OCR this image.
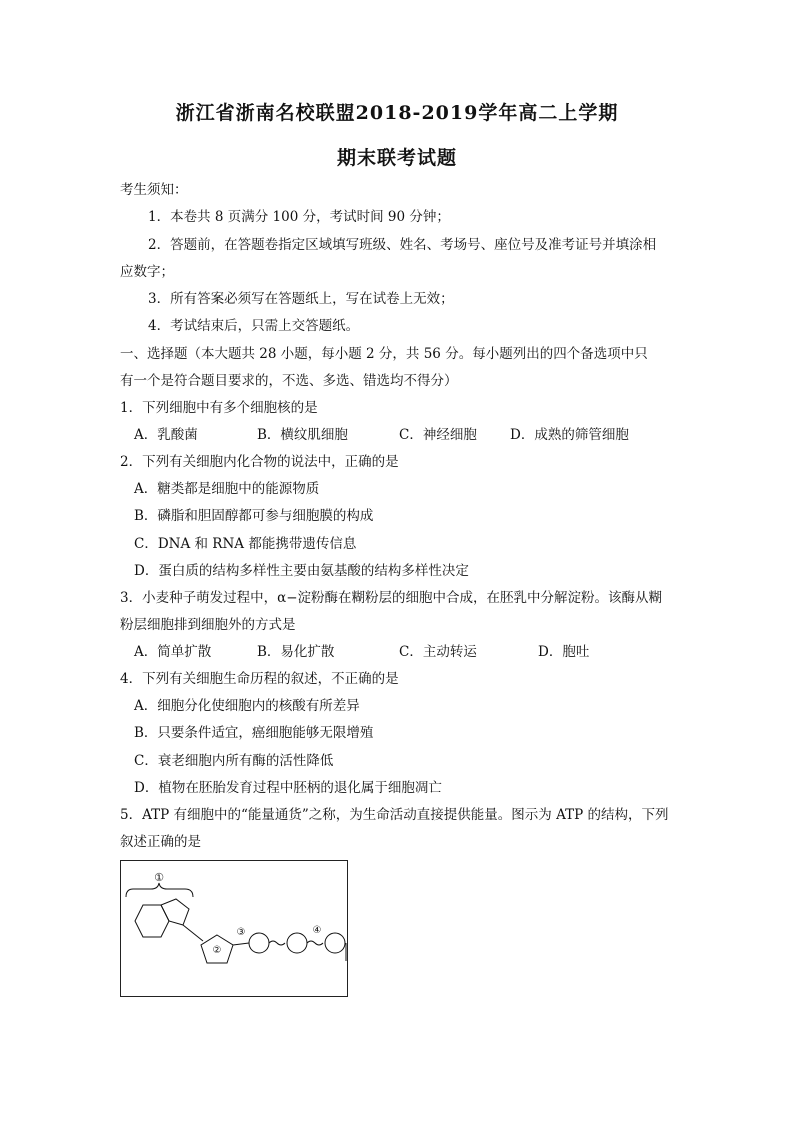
浙江省浙南名校联盟2018-2019学年高二上学期
期末联考试题
考生须知：
1．本卷共 8 页满分 100 分，考试时间 90 分钟；
2．答题前，在答题卷指定区域填写班级、姓名、考场号、座位号及准考证号并填涂相
应数字；
3．所有答案必须写在答题纸上，写在试卷上无效；
4．考试结束后，只需上交答题纸。
一、选择题（本大题共 28 小题，每小题 2 分，共 56 分。每小题列出的四个备选项中只
有一个是符合题目要求的，不选、多选、错选均不得分）
1．下列细胞中有多个细胞核的是
A．乳酸菌	B．横纹肌细胞	C．神经细胞 D．成熟的筛管细胞
2．下列有关细胞内化合物的说法中，正确的是
A．糖类都是细胞中的能源物质
B．磷脂和胆固醇都可参与细胞膜的构成
C．DNA 和 RNA 都能携带遗传信息
D．蛋白质的结构多样性主要由氨基酸的结构多样性决定
3．小麦种子萌发过程中，α−淀粉酶在糊粉层的细胞中合成，在胚乳中分解淀粉。该酶从糊
粉层细胞排到细胞外的方式是
A．简单扩散	B．易化扩散	C．主动转运	D．胞吐
4．下列有关细胞生命历程的叙述，不正确的是
A．细胞分化使细胞内的核酸有所差异
B．只要条件适宜，癌细胞能够无限增殖
C．衰老细胞内所有酶的活性降低
D．植物在胚胎发育过程中胚柄的退化属于细胞凋亡
5．ATP 有细胞中的“能量通货”之称，为生命活动直接提供能量。图示为 ATP 的结构，下列
叙述正确的是
①
②
③	④
